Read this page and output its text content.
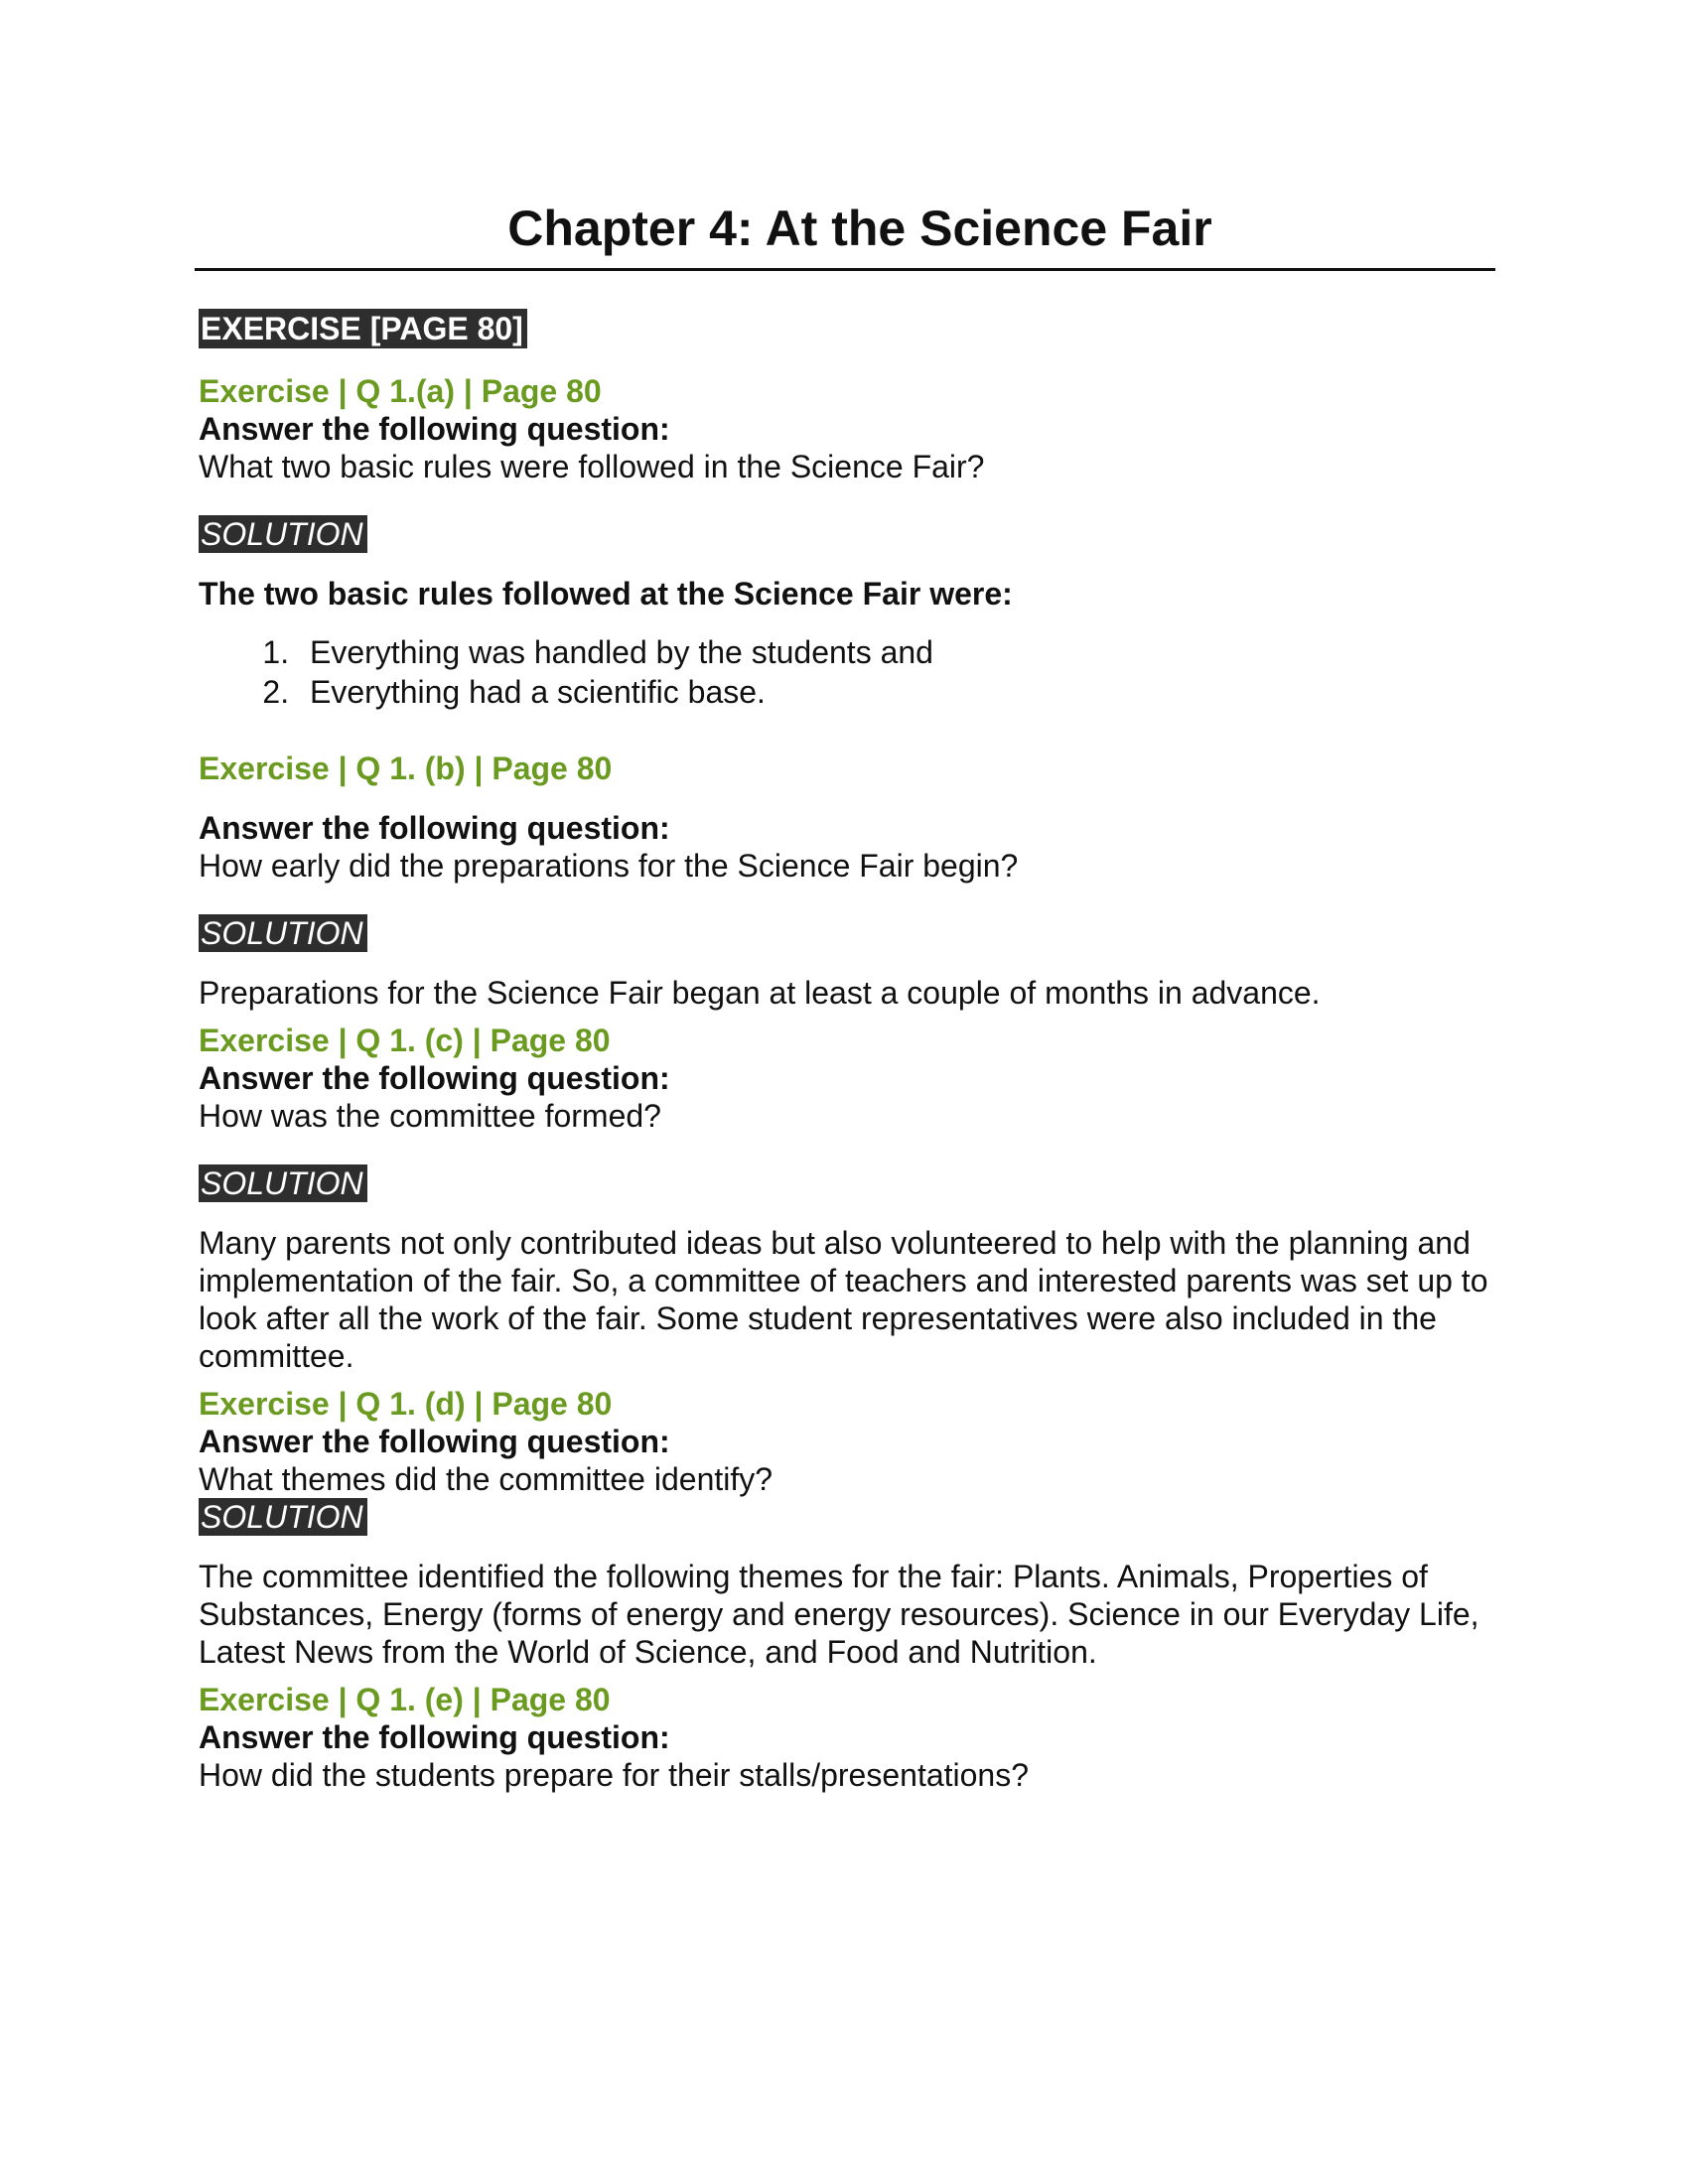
Chapter 4: At the Science Fair
EXERCISE [PAGE 80]

Exercise | Q 1.(a) | Page 80

Answer the following question:

What two basic rules were followed in the Science Fair?

SOLUTION

The two basic rules followed at the Science Fair were:

1. Everything was handled by the students and
2. Everything had a scientific base.

Exercise | Q 1. (b) | Page 80

Answer the following question:

How early did the preparations for the Science Fair begin?

SOLUTION

Preparations for the Science Fair began at least a couple of months in advance.

Exercise | Q 1. (c) | Page 80

Answer the following question:

How was the committee formed?

SOLUTION

Many parents not only contributed ideas but also volunteered to help with the planning and implementation of the fair. So, a committee of teachers and interested parents was set up to look after all the work of the fair. Some student representatives were also included in the committee.

Exercise | Q 1. (d) | Page 80

Answer the following question:

What themes did the committee identify?

SOLUTION

The committee identified the following themes for the fair: Plants. Animals, Properties of Substances, Energy (forms of energy and energy resources). Science in our Everyday Life, Latest News from the World of Science, and Food and Nutrition.

Exercise | Q 1. (e) | Page 80

Answer the following question:

How did the students prepare for their stalls/presentations?
